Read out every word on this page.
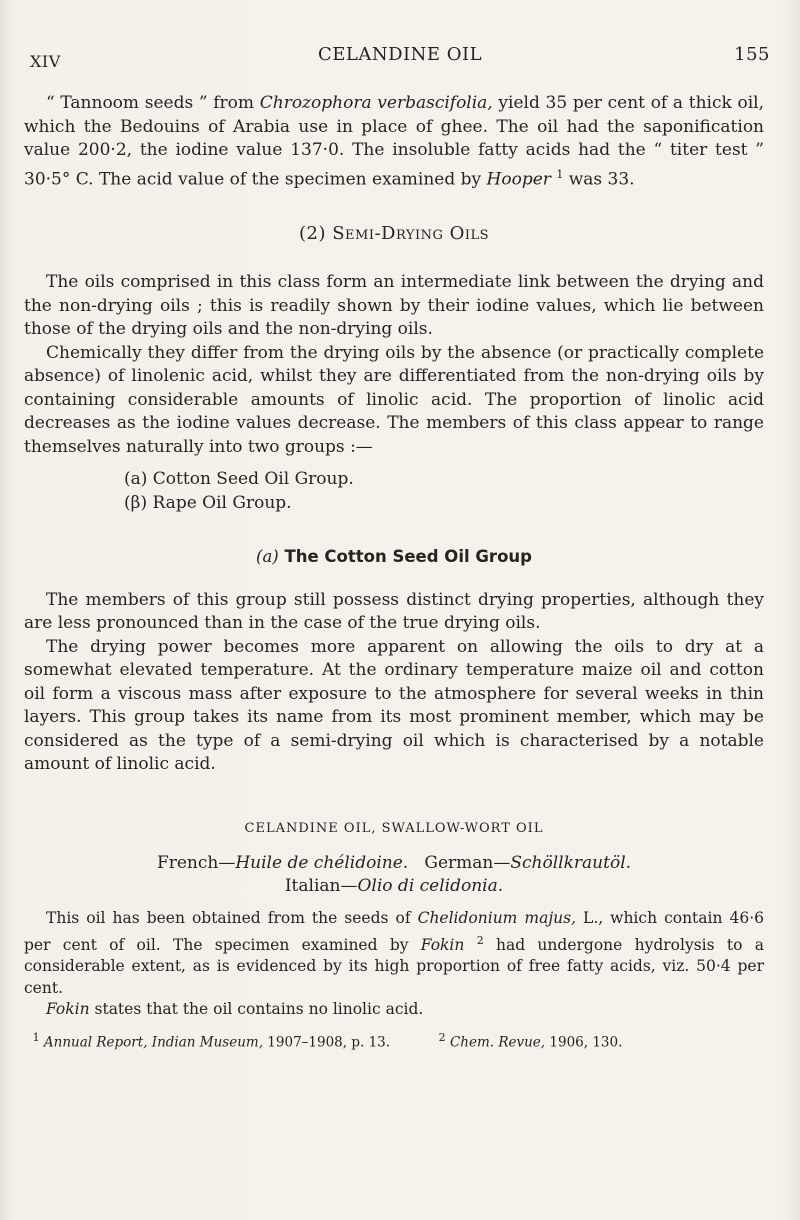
XIV	CELANDINE OIL	155

“ Tannoom seeds ” from Chrozophora verbascifolia, yield 35 per cent of a thick oil, which the Bedouins of Arabia use in place of ghee. The oil had the saponification value 200·2, the iodine value 137·0. The insoluble fatty acids had the “ titer test ” 30·5° C. The acid value of the specimen examined by Hooper $^1$ was 33.

(2) Semi-Drying Oils

The oils comprised in this class form an intermediate link between the drying and the non-drying oils ; this is readily shown by their iodine values, which lie between those of the drying oils and the non-drying oils.

Chemically they differ from the drying oils by the absence (or practically complete absence) of linolenic acid, whilst they are differentiated from the non-drying oils by containing considerable amounts of linolic acid. The proportion of linolic acid decreases as the iodine values decrease. The members of this class appear to range themselves naturally into two groups :—

(a) Cotton Seed Oil Group.
(β) Rape Oil Group.
(a) The Cotton Seed Oil Group

The members of this group still possess distinct drying properties, although they are less pronounced than in the case of the true drying oils.

The drying power becomes more apparent on allowing the oils to dry at a somewhat elevated temperature. At the ordinary temperature maize oil and cotton oil form a viscous mass after exposure to the atmosphere for several weeks in thin layers. This group takes its name from its most prominent member, which may be considered as the type of a semi-drying oil which is characterised by a notable amount of linolic acid.

CELANDINE OIL, SWALLOW-WORT OIL
French—Huile de chélidoine. German—Schöllkrautöl.
Italian—Olio di celidonia.

This oil has been obtained from the seeds of Chelidonium majus, L., which contain 46·6 per cent of oil. The specimen examined by Fokin $^2$ had undergone hydrolysis to a considerable extent, as is evidenced by its high proportion of free fatty acids, viz. 50·4 per cent.

Fokin states that the oil contains no linolic acid.

$^1$ Annual Report, Indian Museum, 1907–1908, p. 13.	$^2$ Chem. Revue, 1906, 130.
